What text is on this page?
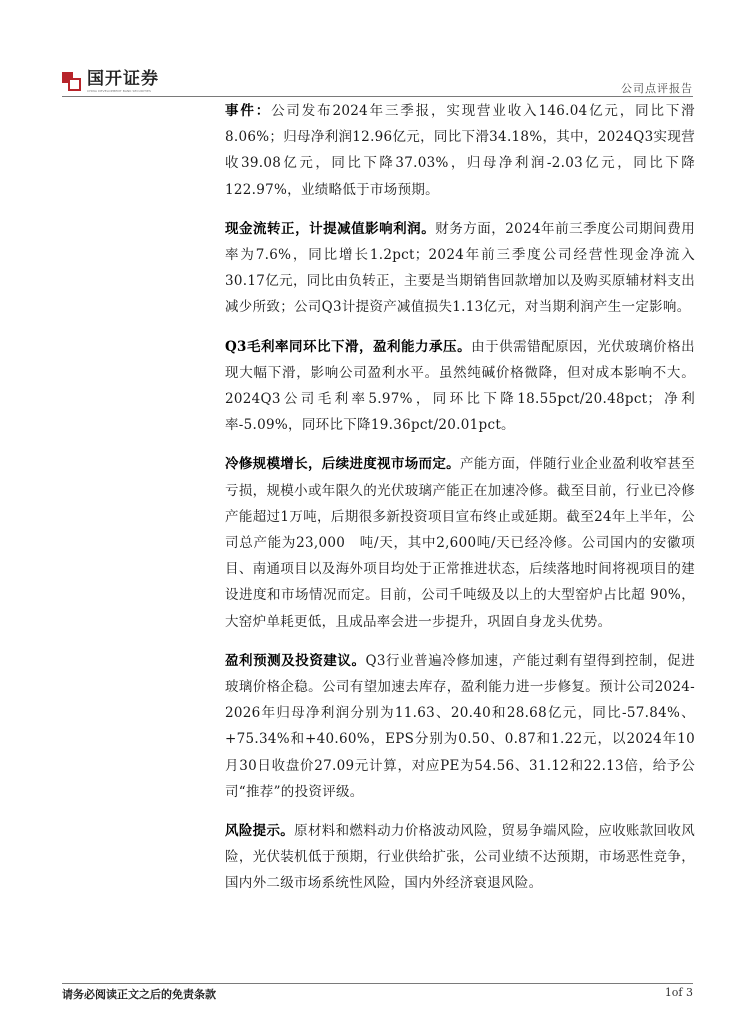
国开证券
CHINA DEVELOPMENT BANK SECURITIES	公司点评报告

事件：公司发布2024年三季报，实现营业收入146.04亿元，同比下滑8.06%；归母净利润12.96亿元，同比下滑34.18%，其中，2024Q3实现营收39.08亿元，同比下降37.03%，归母净利润-2.03亿元，同比下降122.97%，业绩略低于市场预期。

现金流转正，计提减值影响利润。财务方面，2024年前三季度公司期间费用率为7.6%，同比增长1.2pct；2024年前三季度公司经营性现金净流入30.17亿元，同比由负转正，主要是当期销售回款增加以及购买原辅材料支出减少所致；公司Q3计提资产减值损失1.13亿元，对当期利润产生一定影响。

Q3毛利率同环比下滑，盈利能力承压。由于供需错配原因，光伏玻璃价格出现大幅下滑，影响公司盈利水平。虽然纯碱价格微降，但对成本影响不大。2024Q3公司毛利率5.97%，同环比下降18.55pct/20.48pct；净利率-5.09%，同环比下降19.36pct/20.01pct。

冷修规模增长，后续进度视市场而定。产能方面，伴随行业企业盈利收窄甚至亏损，规模小或年限久的光伏玻璃产能正在加速冷修。截至目前，行业已冷修产能超过1万吨，后期很多新投资项目宣布终止或延期。截至24年上半年，公司总产能为23,000　吨/天，其中2,600吨/天已经冷修。公司国内的安徽项目、南通项目以及海外项目均处于正常推进状态，后续落地时间将视项目的建设进度和市场情况而定。目前，公司千吨级及以上的大型窑炉占比超 90%，大窑炉单耗更低，且成品率会进一步提升，巩固自身龙头优势。

盈利预测及投资建议。Q3行业普遍冷修加速，产能过剩有望得到控制，促进玻璃价格企稳。公司有望加速去库存，盈利能力进一步修复。预计公司2024-2026年归母净利润分别为11.63、20.40和28.68亿元，同比-57.84%、+75.34%和+40.60%，EPS分别为0.50、0.87和1.22元，以2024年10月30日收盘价27.09元计算，对应PE为54.56、31.12和22.13倍，给予公司“推荐”的投资评级。

风险提示。原材料和燃料动力价格波动风险，贸易争端风险，应收账款回收风险，光伏装机低于预期，行业供给扩张，公司业绩不达预期，市场恶性竞争，国内外二级市场系统性风险，国内外经济衰退风险。

请务必阅读正文之后的免责条款	1of 3
